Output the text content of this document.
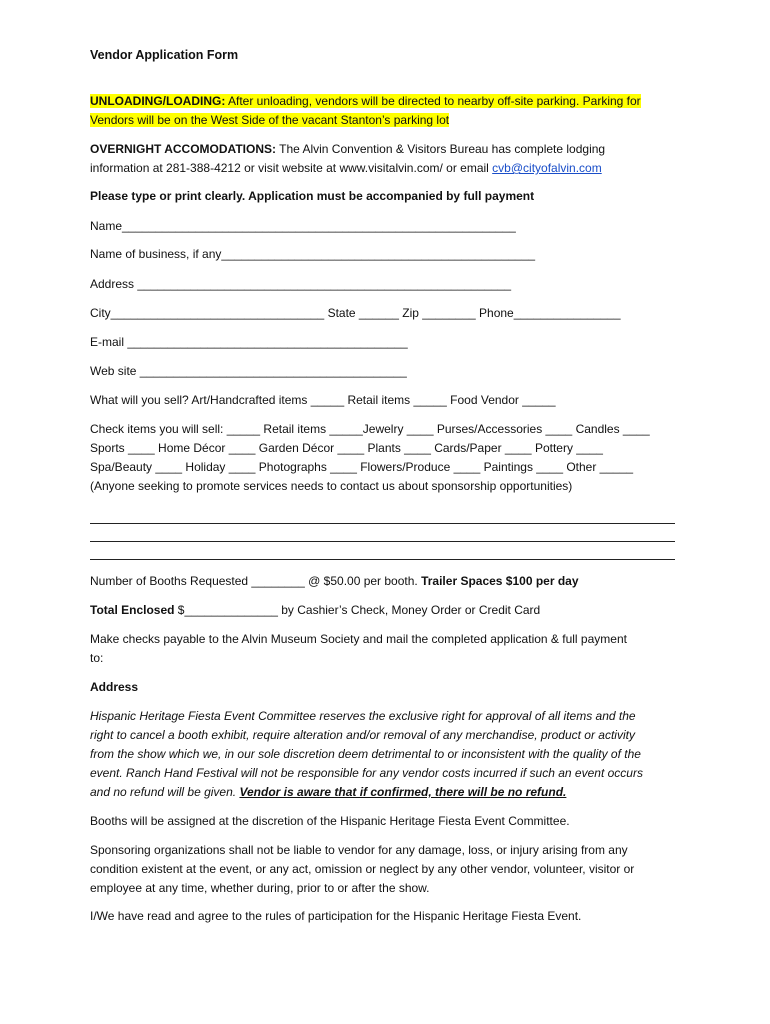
Vendor Application Form
UNLOADING/LOADING: After unloading, vendors will be directed to nearby off-site parking. Parking for
Vendors will be on the West Side of the vacant Stanton’s parking lot
OVERNIGHT ACCOMODATIONS: The Alvin Convention & Visitors Bureau has complete lodging
information at 281-388-4212 or visit website at www.visitalvin.com/ or email cvb@cityofalvin.com
Please type or print clearly. Application must be accompanied by full payment
Name___________________________________________________________
Name of business, if any_______________________________________________
Address ________________________________________________________
City________________________________ State ______ Zip ________ Phone________________
E-mail __________________________________________
Web site ________________________________________
What will you sell? Art/Handcrafted items _____ Retail items _____ Food Vendor _____
Check items you will sell: _____ Retail items _____Jewelry ____ Purses/Accessories ____ Candles ____
Sports ____ Home Décor ____ Garden Décor ____ Plants ____ Cards/Paper ____ Pottery ____
Spa/Beauty ____ Holiday ____ Photographs ____ Flowers/Produce ____ Paintings ____ Other _____
(Anyone seeking to promote services needs to contact us about sponsorship opportunities)
Number of Booths Requested ________ @ $50.00 per booth. Trailer Spaces $100 per day
Total Enclosed $______________ by Cashier’s Check, Money Order or Credit Card
Make checks payable to the Alvin Museum Society and mail the completed application & full payment
to:
Address
Hispanic Heritage Fiesta Event Committee reserves the exclusive right for approval of all items and the
right to cancel a booth exhibit, require alteration and/or removal of any merchandise, product or activity
from the show which we, in our sole discretion deem detrimental to or inconsistent with the quality of the
event. Ranch Hand Festival will not be responsible for any vendor costs incurred if such an event occurs
and no refund will be given. Vendor is aware that if confirmed, there will be no refund.
Booths will be assigned at the discretion of the Hispanic Heritage Fiesta Event Committee.
Sponsoring organizations shall not be liable to vendor for any damage, loss, or injury arising from any
condition existent at the event, or any act, omission or neglect by any other vendor, volunteer, visitor or
employee at any time, whether during, prior to or after the show.
I/We have read and agree to the rules of participation for the Hispanic Heritage Fiesta Event.
